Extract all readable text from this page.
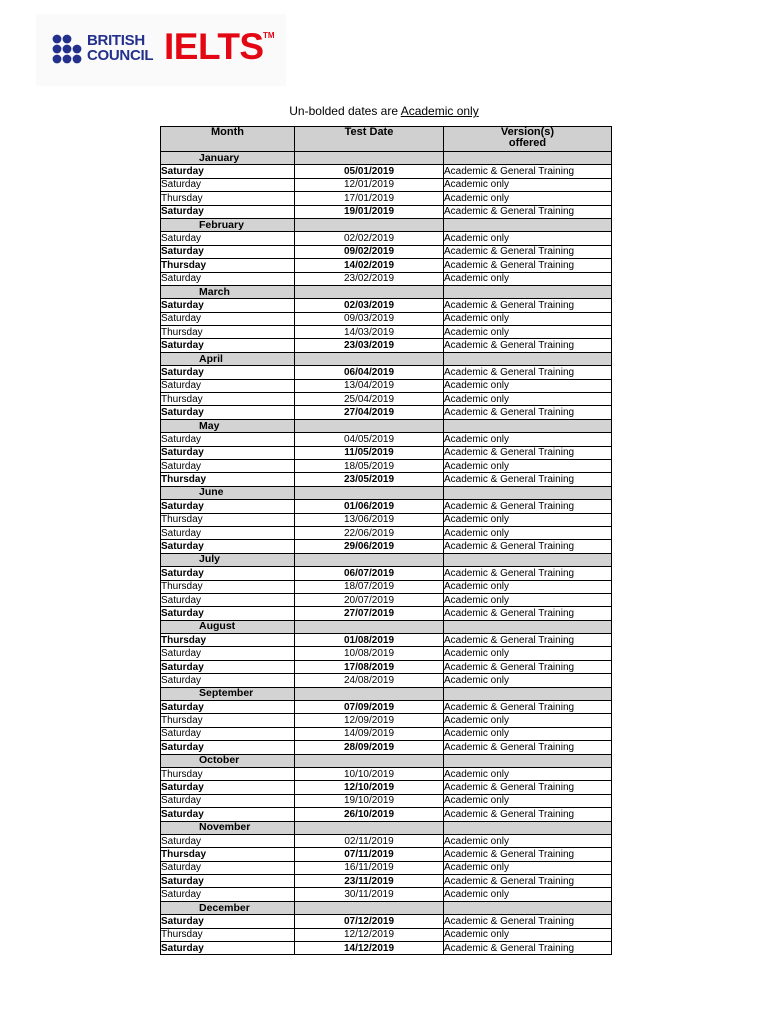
BRITISH
COUNCIL IELTS TM
Un-bolded dates are Academic only
Month	Test Date	Version(s)
offered

January		
Saturday	05/01/2019	Academic & General Training
Saturday	12/01/2019	Academic only
Thursday	17/01/2019	Academic only
Saturday	19/01/2019	Academic & General Training
February		
Saturday	02/02/2019	Academic only
Saturday	09/02/2019	Academic & General Training
Thursday	14/02/2019	Academic & General Training
Saturday	23/02/2019	Academic only
March		
Saturday	02/03/2019	Academic & General Training
Saturday	09/03/2019	Academic only
Thursday	14/03/2019	Academic only
Saturday	23/03/2019	Academic & General Training
April		
Saturday	06/04/2019	Academic & General Training
Saturday	13/04/2019	Academic only
Thursday	25/04/2019	Academic only
Saturday	27/04/2019	Academic & General Training
May		
Saturday	04/05/2019	Academic only
Saturday	11/05/2019	Academic & General Training
Saturday	18/05/2019	Academic only
Thursday	23/05/2019	Academic & General Training
June		
Saturday	01/06/2019	Academic & General Training
Thursday	13/06/2019	Academic only
Saturday	22/06/2019	Academic only
Saturday	29/06/2019	Academic & General Training
July		
Saturday	06/07/2019	Academic & General Training
Thursday	18/07/2019	Academic only
Saturday	20/07/2019	Academic only
Saturday	27/07/2019	Academic & General Training
August		
Thursday	01/08/2019	Academic & General Training
Saturday	10/08/2019	Academic only
Saturday	17/08/2019	Academic & General Training
Saturday	24/08/2019	Academic only
September		
Saturday	07/09/2019	Academic & General Training
Thursday	12/09/2019	Academic only
Saturday	14/09/2019	Academic only
Saturday	28/09/2019	Academic & General Training
October		
Thursday	10/10/2019	Academic only
Saturday	12/10/2019	Academic & General Training
Saturday	19/10/2019	Academic only
Saturday	26/10/2019	Academic & General Training
November		
Saturday	02/11/2019	Academic only
Thursday	07/11/2019	Academic & General Training
Saturday	16/11/2019	Academic only
Saturday	23/11/2019	Academic & General Training
Saturday	30/11/2019	Academic only
December		
Saturday	07/12/2019	Academic & General Training
Thursday	12/12/2019	Academic only
Saturday	14/12/2019	Academic & General Training
